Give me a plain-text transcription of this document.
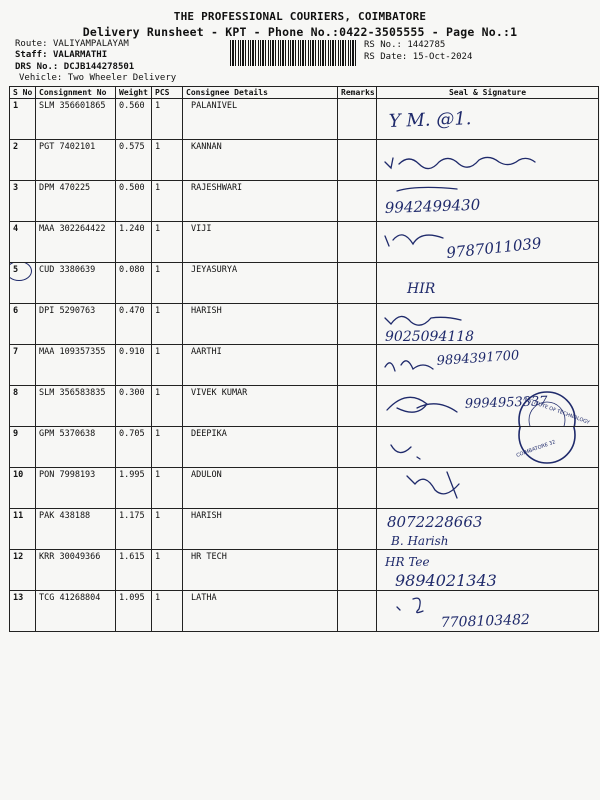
THE PROFESSIONAL COURIERS, COIMBATORE
Delivery Runsheet - KPT - Phone No.:0422-3505555 - Page No.:1
Route: VALIYAMPALAYAM
Staff: VALARMATHI
DRS No.: DCJB144278501
Vehicle: Two Wheeler Delivery
RS No.: 1442785
RS Date: 15-Oct-2024
S No	Consignment No	Weight	PCS	Consignee Details	Remarks	Seal & Signature
1	SLM 356601865	0.560	1	PALANIVEL		Y M. @1.

2	PGT 7402101	0.575	1	KANNAN		

3	DPM 470225	0.500	1	RAJESHWARI		9942499430

4	MAA 302264422	1.240	1	VIJI		9787011039

5	CUD 3380639	0.080	1	JEYASURYA		HIR

6	DPI 5290763	0.470	1	HARISH		9025094118

7	MAA 109357355	0.910	1	AARTHI		9894391700

8	SLM 356583835	0.300	1	VIVEK KUMAR		9994953337
INSTITUTE OF TECHNOLOGY

9	GPM 5370638	0.705	1	DEEPIKA		COIMBATORE 32

10	PON 7998193	1.995	1	ADULON		

11	PAK 438188	1.175	1	HARISH		8072228663
B. Harish

12	KRR 30049366	1.615	1	HR TECH		HR Tee
9894021343

13	TCG 41268804	1.095	1	LATHA		7708103482
